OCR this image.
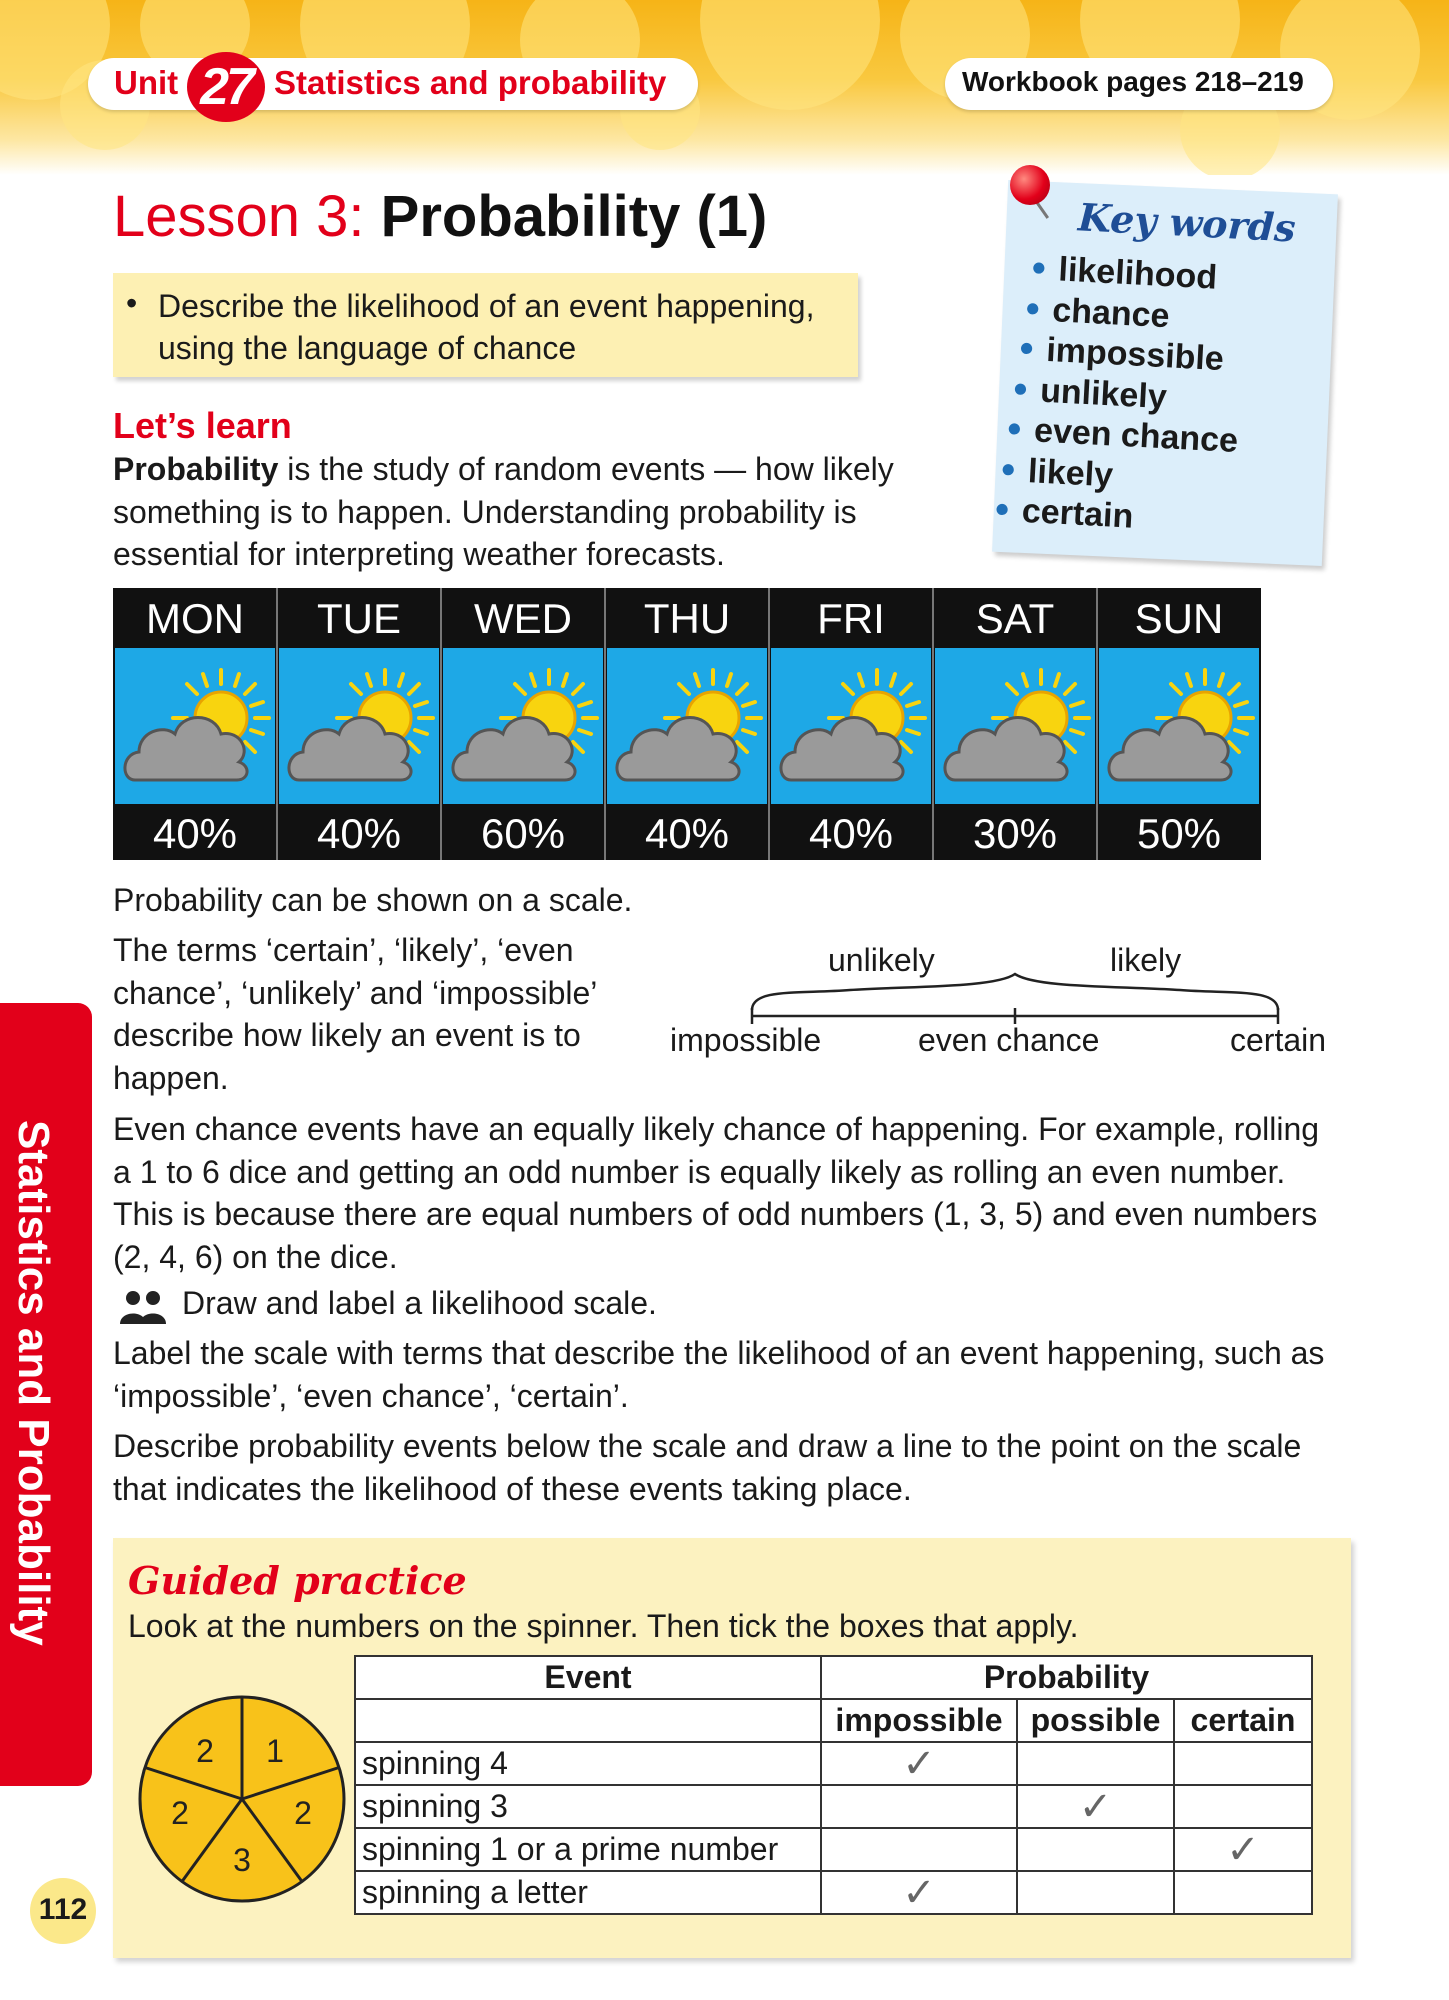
Unit 27 Statistics and probability	Workbook pages 218–219
Lesson 3: Probability (1)
• Describe the likelihood of an event happening, using the language of chance
Key words
● likelihood
● chance
● impossible
● unlikely
● even chance
● likely
● certain
Let’s learn
Probability is the study of random events — how likely something is to happen. Understanding probability is essential for interpreting weather forecasts.
MON
40%
TUE
40%
WED
60%
THU
40%
FRI
40%
SAT
30%
SUN
50%
Probability can be shown on a scale.
The terms ‘certain’, ‘likely’, ‘even chance’, ‘unlikely’ and ‘impossible’ describe how likely an event is to happen.
unlikely	likely
impossible	even chance	certain
Even chance events have an equally likely chance of happening. For example, rolling a 1 to 6 dice and getting an odd number is equally likely as rolling an even number. This is because there are equal numbers of odd numbers (1, 3, 5) and even numbers (2, 4, 6) on the dice.
Draw and label a likelihood scale.
Label the scale with terms that describe the likelihood of an event happening, such as ‘impossible’, ‘even chance’, ‘certain’.
Describe probability events below the scale and draw a line to the point on the scale that indicates the likelihood of these events taking place.
Statistics and Probability
112
Guided practice
Look at the numbers on the spinner. Then tick the boxes that apply.
1
2
3
2
2
Event	Probability		
	impossible	possible	certain
spinning 4	✓		
spinning 3		✓	
spinning 1 or a prime number			✓
spinning a letter	✓		
